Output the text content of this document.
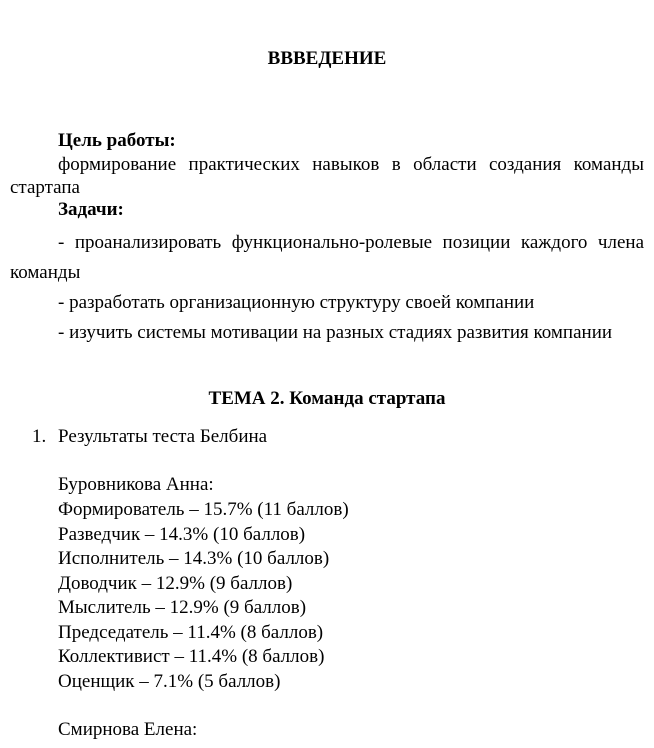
ВВВЕДЕНИЕ
Цель работы:
формирование практических навыков в области создания команды
стартапа
Задачи:
- проанализировать функционально-ролевые позиции каждого члена
команды
- разработать организационную структуру своей компании
- изучить системы мотивации на разных стадиях развития компании
ТЕМА 2. Команда стартапа
1. Результаты теста Белбина
Буровникова Анна:
Формирователь – 15.7% (11 баллов)
Разведчик – 14.3% (10 баллов)
Исполнитель – 14.3% (10 баллов)
Доводчик – 12.9% (9 баллов)
Мыслитель – 12.9% (9 баллов)
Председатель – 11.4% (8 баллов)
Коллективист – 11.4% (8 баллов)
Оценщик – 7.1% (5 баллов)
Смирнова Елена:
